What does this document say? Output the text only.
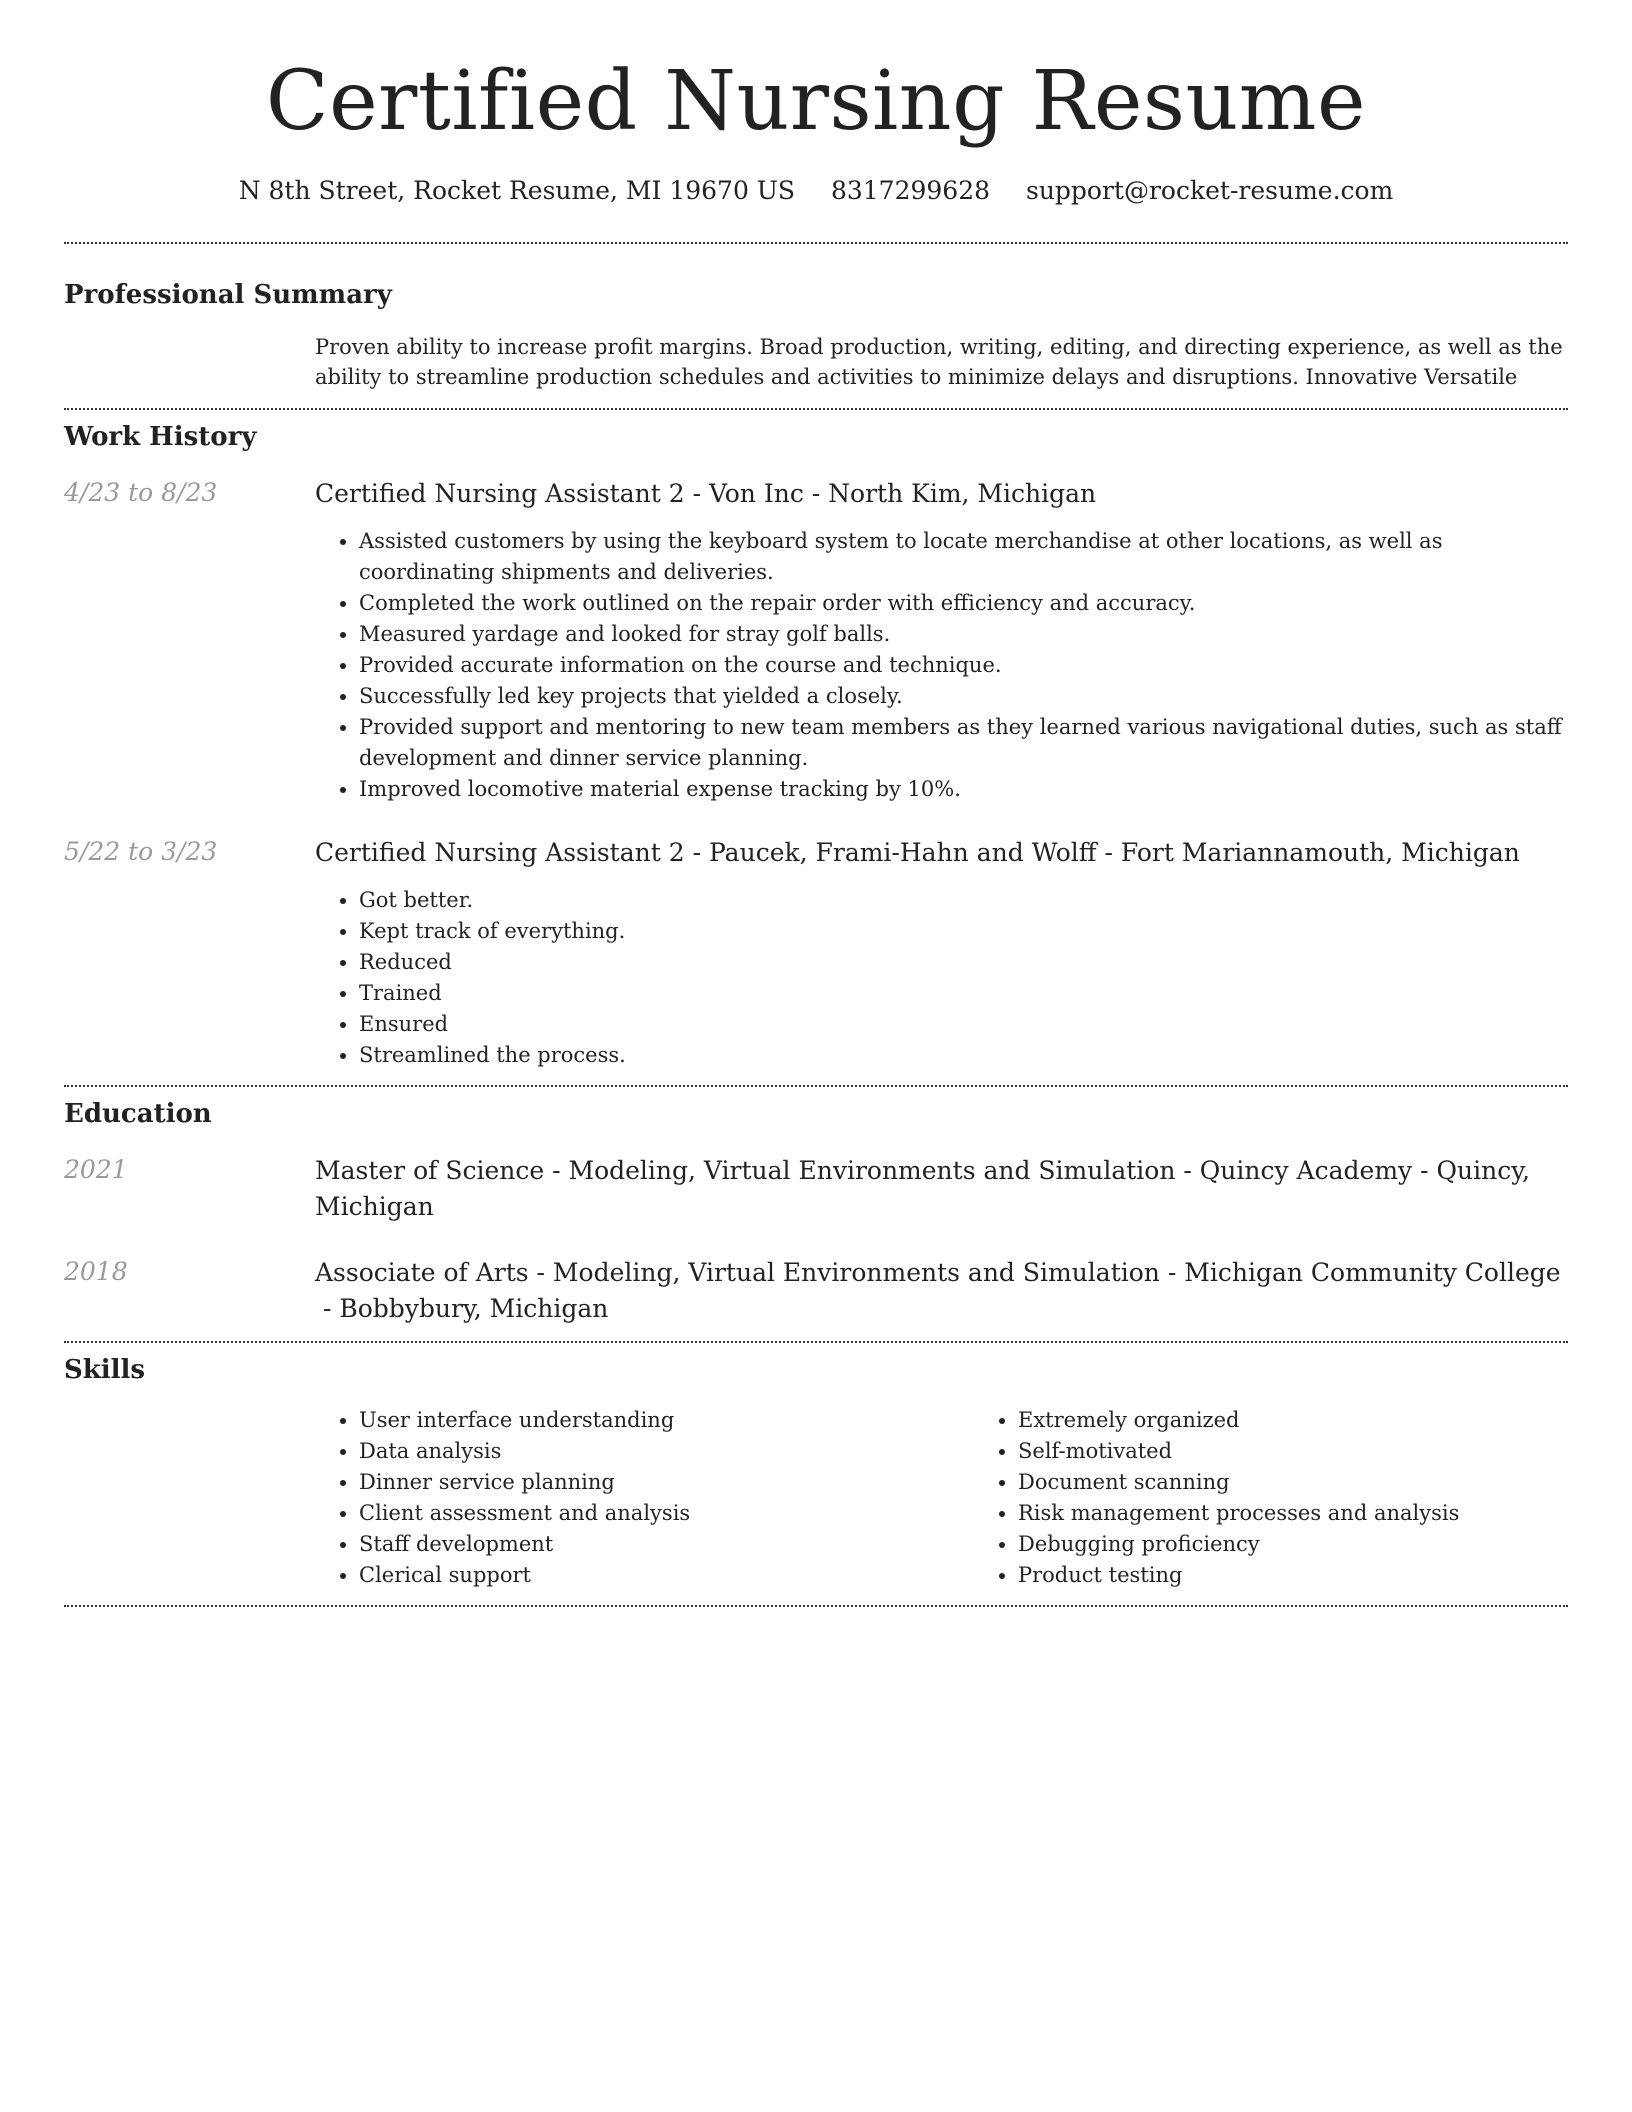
Certified Nursing Resume
N 8th Street, Rocket Resume, MI 19670 US 8317299628 support@rocket-resume.com
Professional Summary
Proven ability to increase profit margins. Broad production, writing, editing, and directing experience, as well as the ability to streamline production schedules and activities to minimize delays and disruptions. Innovative Versatile
Work History
4/23 to 8/23	Certified Nursing Assistant 2 - Von Inc - North Kim, Michigan
• Assisted customers by using the keyboard system to locate merchandise at other locations, as well as coordinating shipments and deliveries.
• Completed the work outlined on the repair order with efficiency and accuracy.
• Measured yardage and looked for stray golf balls.
• Provided accurate information on the course and technique.
• Successfully led key projects that yielded a closely.
• Provided support and mentoring to new team members as they learned various navigational duties, such as staff development and dinner service planning.
• Improved locomotive material expense tracking by 10%.
5/22 to 3/23	Certified Nursing Assistant 2 - Paucek, Frami-Hahn and Wolff - Fort Mariannamouth, Michigan
• Got better.
• Kept track of everything.
• Reduced
• Trained
• Ensured
• Streamlined the process.
Education
2021	Master of Science - Modeling, Virtual Environments and Simulation - Quincy Academy - Quincy, Michigan
2018	Associate of Arts - Modeling, Virtual Environments and Simulation - Michigan Community College - Bobbybury, Michigan
Skills
• User interface understanding
• Data analysis
• Dinner service planning
• Client assessment and analysis
• Staff development
• Clerical support
• Extremely organized
• Self-motivated
• Document scanning
• Risk management processes and analysis
• Debugging proficiency
• Product testing
